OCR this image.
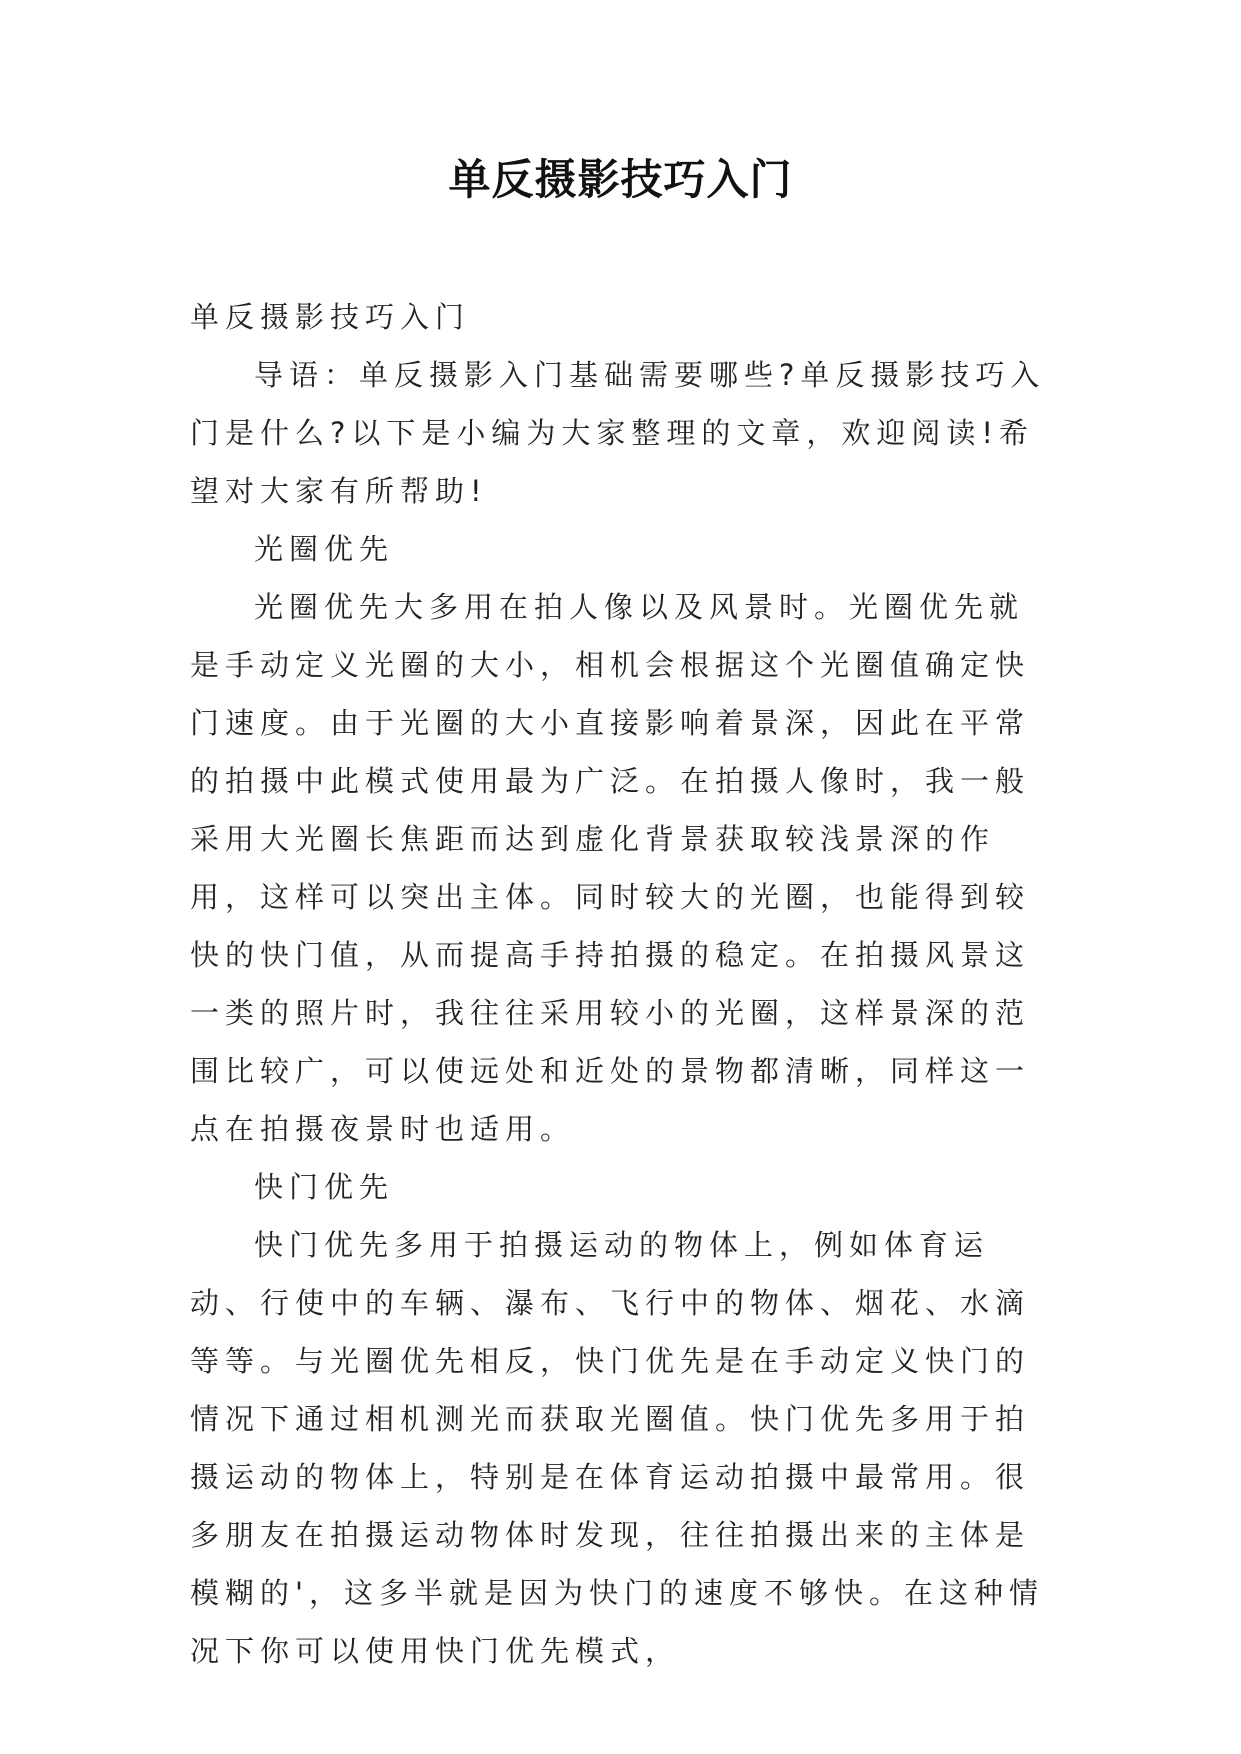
单反摄影技巧入门

单反摄影技巧入门

导语：单反摄影入门基础需要哪些?单反摄影技巧入门是什么?以下是小编为大家整理的文章，欢迎阅读!希望对大家有所帮助!

光圈优先

光圈优先大多用在拍人像以及风景时。光圈优先就是手动定义光圈的大小，相机会根据这个光圈值确定快门速度。由于光圈的大小直接影响着景深，因此在平常的拍摄中此模式使用最为广泛。在拍摄人像时，我一般采用大光圈长焦距而达到虚化背景获取较浅景深的作用，这样可以突出主体。同时较大的光圈，也能得到较快的快门值，从而提高手持拍摄的稳定。在拍摄风景这一类的照片时，我往往采用较小的光圈，这样景深的范围比较广，可以使远处和近处的景物都清晰，同样这一点在拍摄夜景时也适用。

快门优先

快门优先多用于拍摄运动的物体上，例如体育运动、行使中的车辆、瀑布、飞行中的物体、烟花、水滴等等。与光圈优先相反，快门优先是在手动定义快门的情况下通过相机测光而获取光圈值。快门优先多用于拍摄运动的物体上，特别是在体育运动拍摄中最常用。很多朋友在拍摄运动物体时发现，往往拍摄出来的主体是模糊的'，这多半就是因为快门的速度不够快。在这种情况下你可以使用快门优先模式，
